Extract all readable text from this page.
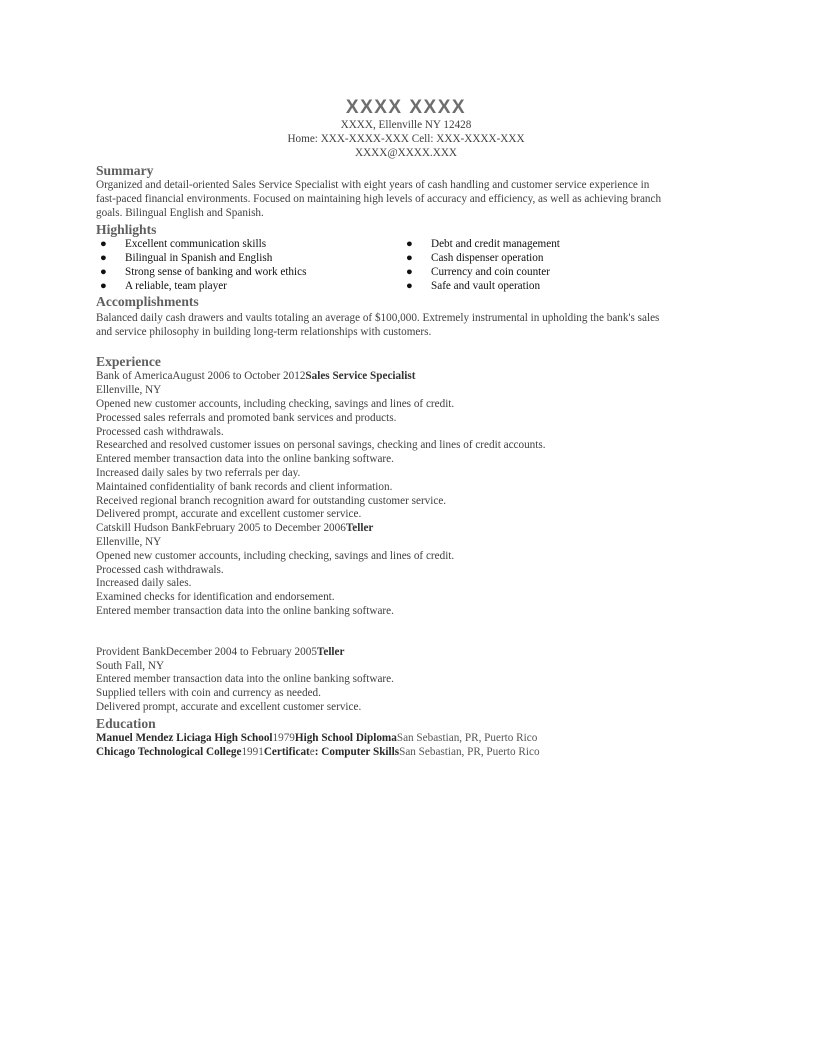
XXXX XXXX
XXXX, Ellenville NY 12428
Home: XXX-XXXX-XXX Cell: XXX-XXXX-XXX
XXXX@XXXX.XXX
Summary
Organized and detail-oriented Sales Service Specialist with eight years of cash handling and customer service experience in
fast-paced financial environments. Focused on maintaining high levels of accuracy and efficiency, as well as achieving branch
goals. Bilingual English and Spanish.
Highlights
● Excellent communication skills
● Bilingual in Spanish and English
● Strong sense of banking and work ethics
● A reliable, team player
● Debt and credit management
● Cash dispenser operation
● Currency and coin counter
● Safe and vault operation
Accomplishments
Balanced daily cash drawers and vaults totaling an average of $100,000. Extremely instrumental in upholding the bank's sales
and service philosophy in building long-term relationships with customers.
Experience
Bank of AmericaAugust 2006 to October 2012Sales Service Specialist
Ellenville, NY
Opened new customer accounts, including checking, savings and lines of credit.
Processed sales referrals and promoted bank services and products.
Processed cash withdrawals.
Researched and resolved customer issues on personal savings, checking and lines of credit accounts.
Entered member transaction data into the online banking software.
Increased daily sales by two referrals per day.
Maintained confidentiality of bank records and client information.
Received regional branch recognition award for outstanding customer service.
Delivered prompt, accurate and excellent customer service.
Catskill Hudson BankFebruary 2005 to December 2006Teller
Ellenville, NY
Opened new customer accounts, including checking, savings and lines of credit.
Processed cash withdrawals.
Increased daily sales.
Examined checks for identification and endorsement.
Entered member transaction data into the online banking software.
Provident BankDecember 2004 to February 2005Teller
South Fall, NY
Entered member transaction data into the online banking software.
Supplied tellers with coin and currency as needed.
Delivered prompt, accurate and excellent customer service.
Education
Manuel Mendez Liciaga High School1979High School DiplomaSan Sebastian, PR, Puerto Rico
Chicago Technological College1991Certificate: Computer SkillsSan Sebastian, PR, Puerto Rico
